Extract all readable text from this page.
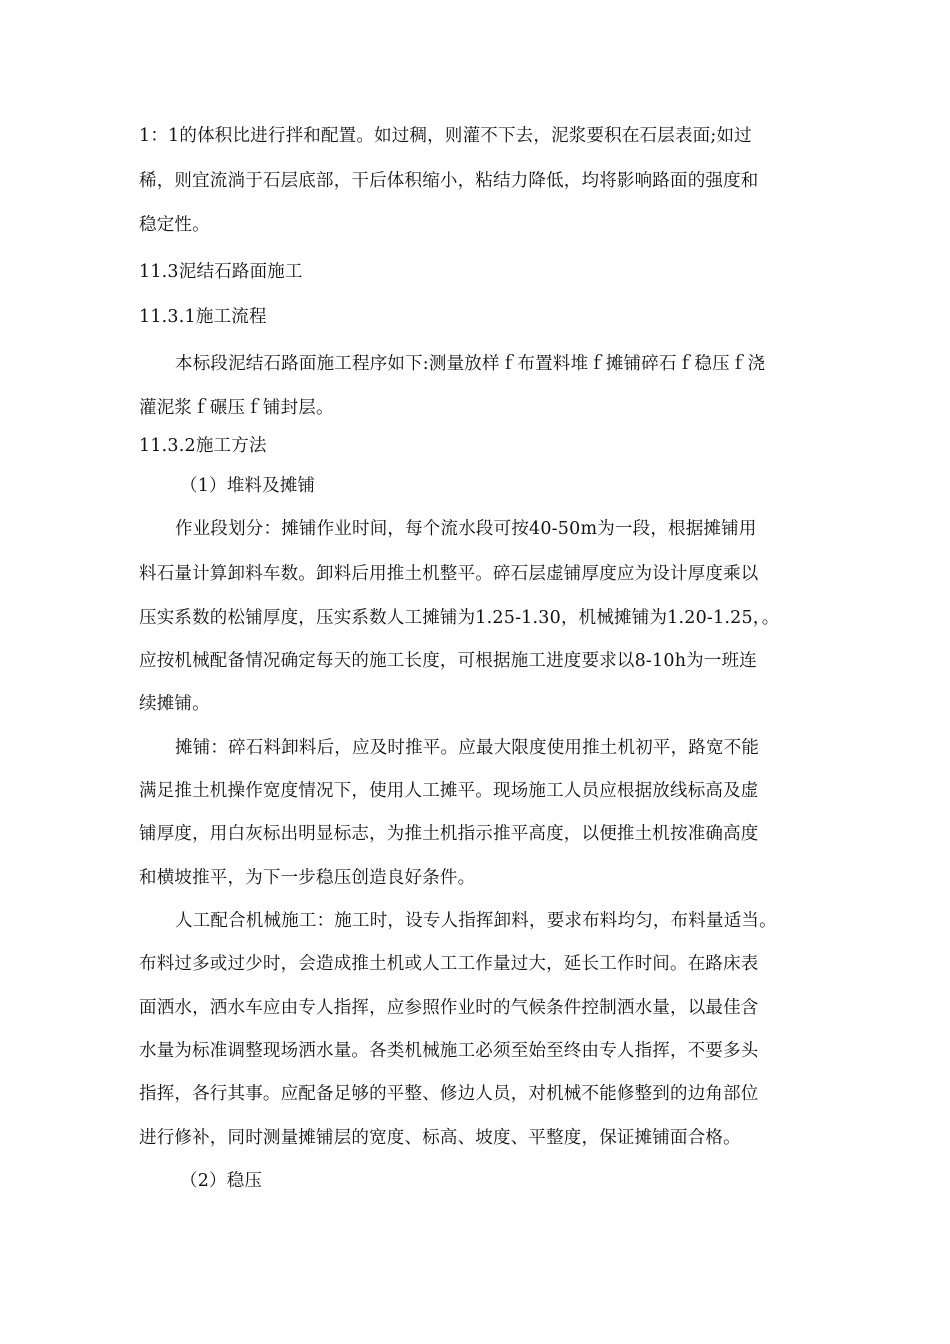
1：1的体积比进行拌和配置。如过稠，则灌不下去，泥浆要积在石层表面;如过
稀，则宜流淌于石层底部，干后体积缩小，粘结力降低，均将影响路面的强度和
稳定性。
11.3泥结石路面施工
11.3.1施工流程
本标段泥结石路面施工程序如下:测量放样ｆ布置料堆ｆ摊铺碎石ｆ稳压ｆ浇
灌泥浆ｆ碾压ｆ铺封层。
11.3.2施工方法
（1）堆料及摊铺
作业段划分：摊铺作业时间，每个流水段可按40-50m为一段，根据摊铺用
料石量计算卸料车数。卸料后用推土机整平。碎石层虚铺厚度应为设计厚度乘以
压实系数的松铺厚度，压实系数人工摊铺为1.25-1.30，机械摊铺为1.20-1.25，。
应按机械配备情况确定每天的施工长度，可根据施工进度要求以8-10h为一班连
续摊铺。
摊铺：碎石料卸料后，应及时推平。应最大限度使用推土机初平，路宽不能
满足推土机操作宽度情况下，使用人工摊平。现场施工人员应根据放线标高及虚
铺厚度，用白灰标出明显标志，为推土机指示推平高度，以便推土机按准确高度
和横坡推平，为下一步稳压创造良好条件。
人工配合机械施工：施工时，设专人指挥卸料，要求布料均匀，布料量适当。
布料过多或过少时，会造成推土机或人工工作量过大，延长工作时间。在路床表
面洒水，洒水车应由专人指挥，应参照作业时的气候条件控制洒水量，以最佳含
水量为标准调整现场洒水量。各类机械施工必须至始至终由专人指挥，不要多头
指挥，各行其事。应配备足够的平整、修边人员，对机械不能修整到的边角部位
进行修补，同时测量摊铺层的宽度、标高、坡度、平整度，保证摊铺面合格。
（2）稳压
